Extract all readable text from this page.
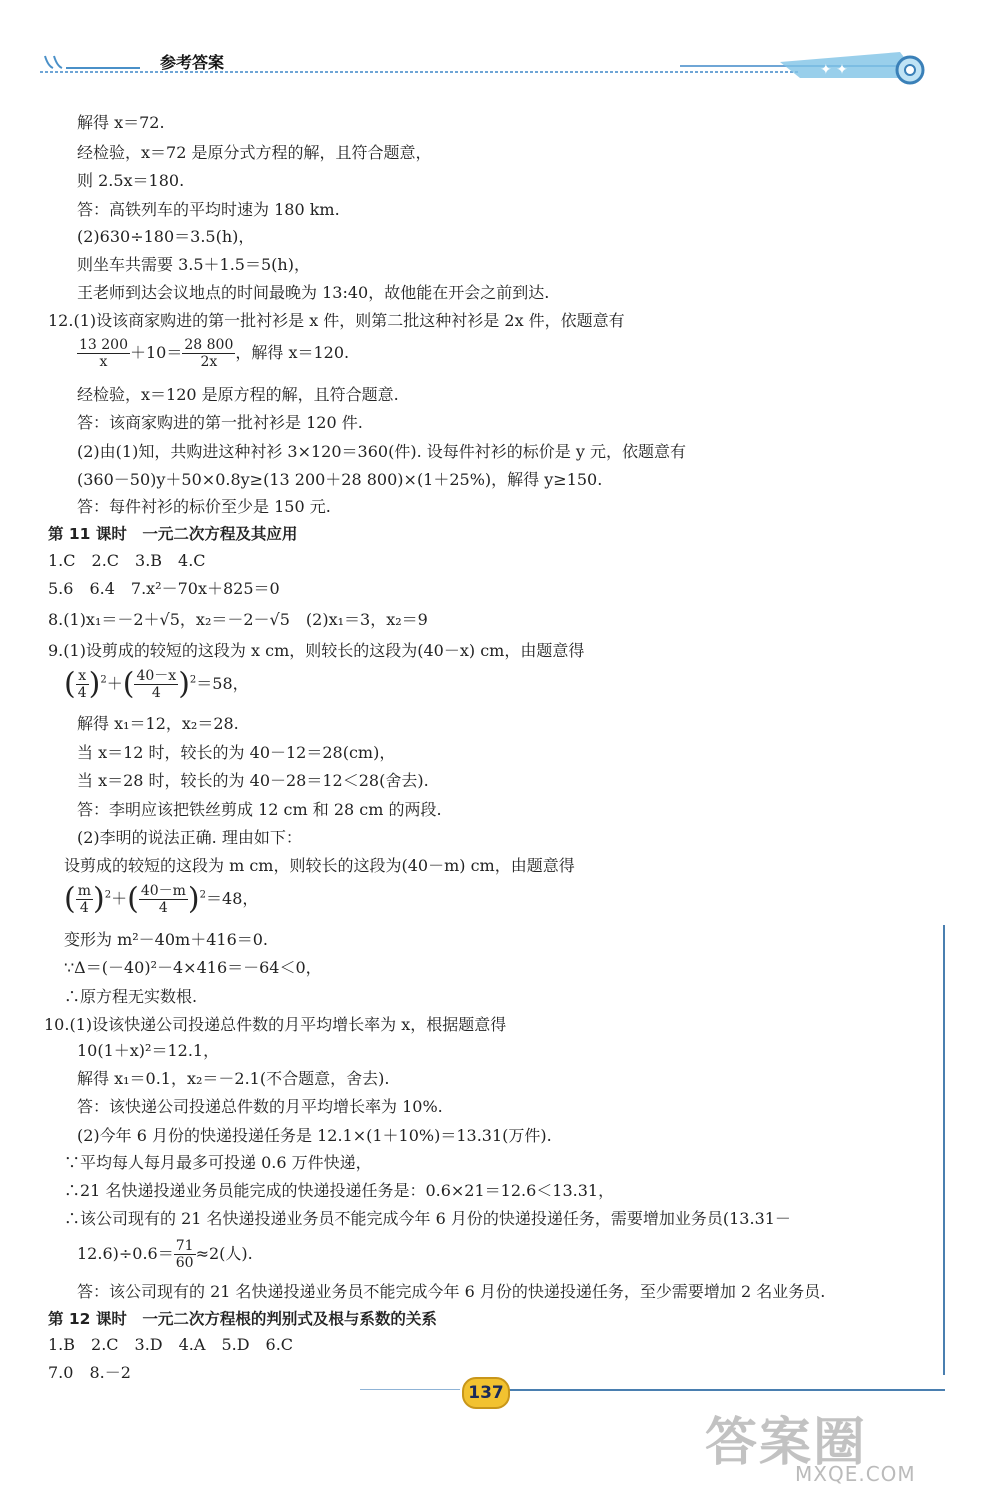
✦ ✦
参考答案
解得 x＝72.
经检验，x＝72 是原分式方程的解，且符合题意，
则 2.5x＝180.
答：高铁列车的平均时速为 180 km.
(2)630÷180＝3.5(h)，
则坐车共需要 3.5＋1.5＝5(h)，
王老师到达会议地点的时间最晚为 13:40，故他能在开会之前到达.
12.(1)设该商家购进的第一批衬衫是 x 件，则第二批这种衬衫是 2x 件，依题意有
$\frac{13 200}{x} +10= \frac{28 800}{2x}$ ，解得 x＝120.
经检验，x＝120 是原方程的解，且符合题意.
答：该商家购进的第一批衬衫是 120 件.
(2)由(1)知，共购进这种衬衫 3×120＝360(件). 设每件衬衫的标价是 y 元，依题意有
(360－50)y＋50×0.8y≥(13 200＋28 800)×(1＋25%)，解得 y≥150.
答：每件衬衫的标价至少是 150 元.
第 11 课时　一元二次方程及其应用
1.C　2.C　3.B　4.C
5.6　6.4　7.x²－70x＋825＝0
8.(1)x₁＝－2＋√5，x₂＝－2－√5　(2)x₁＝3，x₂＝9
9.(1)设剪成的较短的这段为 x cm，则较长的这段为(40－x) cm，由题意得
( $\frac{x}{4} )^2+( \frac{40-x}{4} )^2=58$，
解得 x₁＝12，x₂＝28.
当 x＝12 时，较长的为 40－12＝28(cm)，
当 x＝28 时，较长的为 40－28＝12＜28(舍去).
答：李明应该把铁丝剪成 12 cm 和 28 cm 的两段.
(2)李明的说法正确. 理由如下：
设剪成的较短的这段为 m cm，则较长的这段为(40－m) cm，由题意得
( $\frac{m}{4} )^2+( \frac{40-m}{4} )^2=48$，
变形为 m²－40m＋416＝0.
∵Δ＝(－40)²－4×416＝－64＜0，
∴原方程无实数根.
10.(1)设该快递公司投递总件数的月平均增长率为 x，根据题意得
10(1＋x)²＝12.1，
解得 x₁＝0.1，x₂＝－2.1(不合题意，舍去).
答：该快递公司投递总件数的月平均增长率为 10%.
(2)今年 6 月份的快递投递任务是 12.1×(1＋10%)＝13.31(万件).
∵平均每人每月最多可投递 0.6 万件快递，
∴21 名快递投递业务员能完成的快递投递任务是：0.6×21＝12.6＜13.31，
∴该公司现有的 21 名快递投递业务员不能完成今年 6 月份的快递投递任务，需要增加业务员(13.31－
$12.6)\div 0.6= \frac{71}{60} \approx 2$(人).
答：该公司现有的 21 名快递投递业务员不能完成今年 6 月份的快递投递任务，至少需要增加 2 名业务员.
第 12 课时　一元二次方程根的判别式及根与系数的关系
1.B　2.C　3.D　4.A　5.D　6.C
7.0　8.－2
137
答案圈
MXQE.COM
